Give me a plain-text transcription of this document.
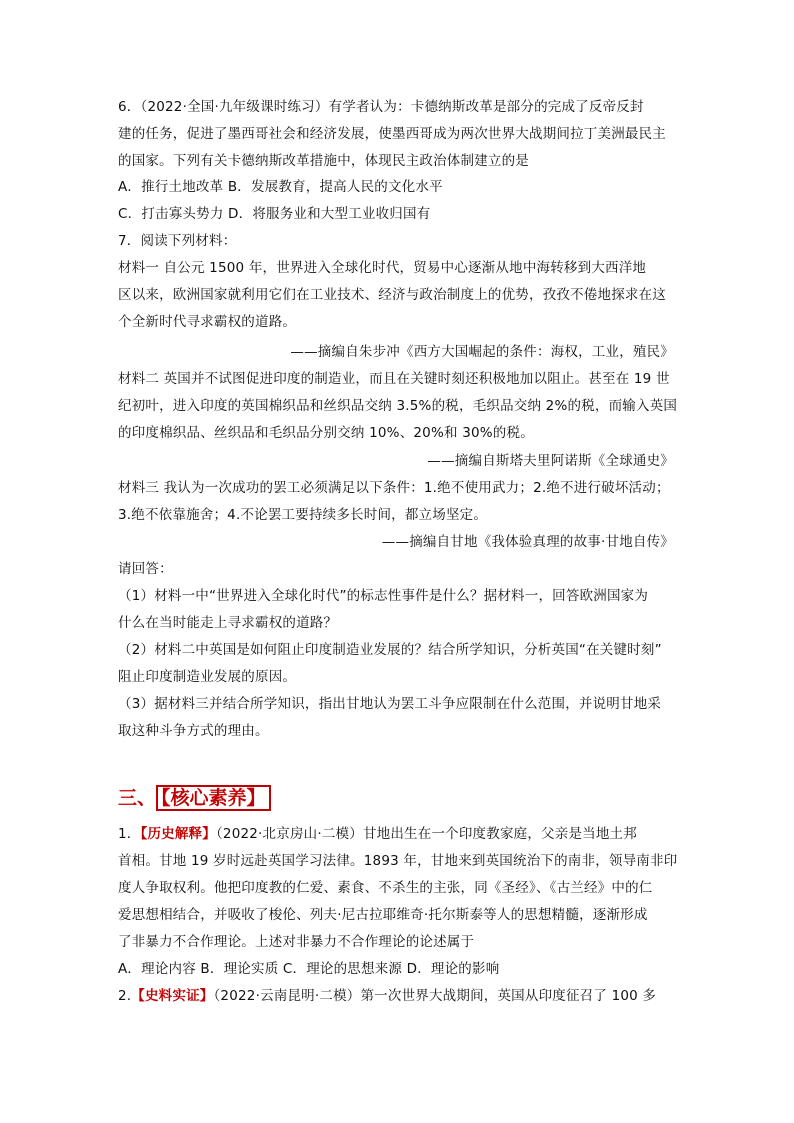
6．（2022·全国·九年级课时练习）有学者认为：卡德纳斯改革是部分的完成了反帝反封
建的任务，促进了墨西哥社会和经济发展，使墨西哥成为两次世界大战期间拉丁美洲最民主
的国家。下列有关卡德纳斯改革措施中，体现民主政治体制建立的是
A．推行土地改革 B．发展教育，提高人民的文化水平
C．打击寡头势力 D．将服务业和大型工业收归国有
7．阅读下列材料：
材料一 自公元 1500 年，世界进入全球化时代，贸易中心逐渐从地中海转移到大西洋地
区以来，欧洲国家就利用它们在工业技术、经济与政治制度上的优势，孜孜不倦地探求在这
个全新时代寻求霸权的道路。
——摘编自朱步冲《西方大国崛起的条件：海权，工业，殖民》
材料二 英国并不试图促进印度的制造业，而且在关键时刻还积极地加以阻止。甚至在 19 世
纪初叶，进入印度的英国棉织品和丝织品交纳 3.5%的税，毛织品交纳 2%的税，而输入英国
的印度棉织品、丝织品和毛织品分别交纳 10%、20%和 30%的税。
——摘编自斯塔夫里阿诺斯《全球通史》
材料三 我认为一次成功的罢工必须满足以下条件：1.绝不使用武力；2.绝不进行破坏活动；
3.绝不依靠施舍；4.不论罢工要持续多长时间，都立场坚定。
——摘编自甘地《我体验真理的故事·甘地自传》
请回答：
（1）材料一中“世界进入全球化时代”的标志性事件是什么？据材料一，回答欧洲国家为
什么在当时能走上寻求霸权的道路？
（2）材料二中英国是如何阻止印度制造业发展的？结合所学知识，分析英国“在关键时刻”
阻止印度制造业发展的原因。
（3）据材料三并结合所学知识，指出甘地认为罢工斗争应限制在什么范围，并说明甘地采
取这种斗争方式的理由。
三、 【核心素养】
1．【历史解释】（2022·北京房山·二模）甘地出生在一个印度教家庭，父亲是当地土邦
首相。甘地 19 岁时远赴英国学习法律。1893 年，甘地来到英国统治下的南非，领导南非印
度人争取权利。他把印度教的仁爱、素食、不杀生的主张，同《圣经》、《古兰经》中的仁
爱思想相结合，并吸收了梭伦、列夫·尼古拉耶维奇·托尔斯泰等人的思想精髓，逐渐形成
了非暴力不合作理论。上述对非暴力不合作理论的论述属于
A．理论内容 B．理论实质 C．理论的思想来源 D．理论的影响
2.【史料实证】（2022·云南昆明·二模）第一次世界大战期间，英国从印度征召了 100 多
